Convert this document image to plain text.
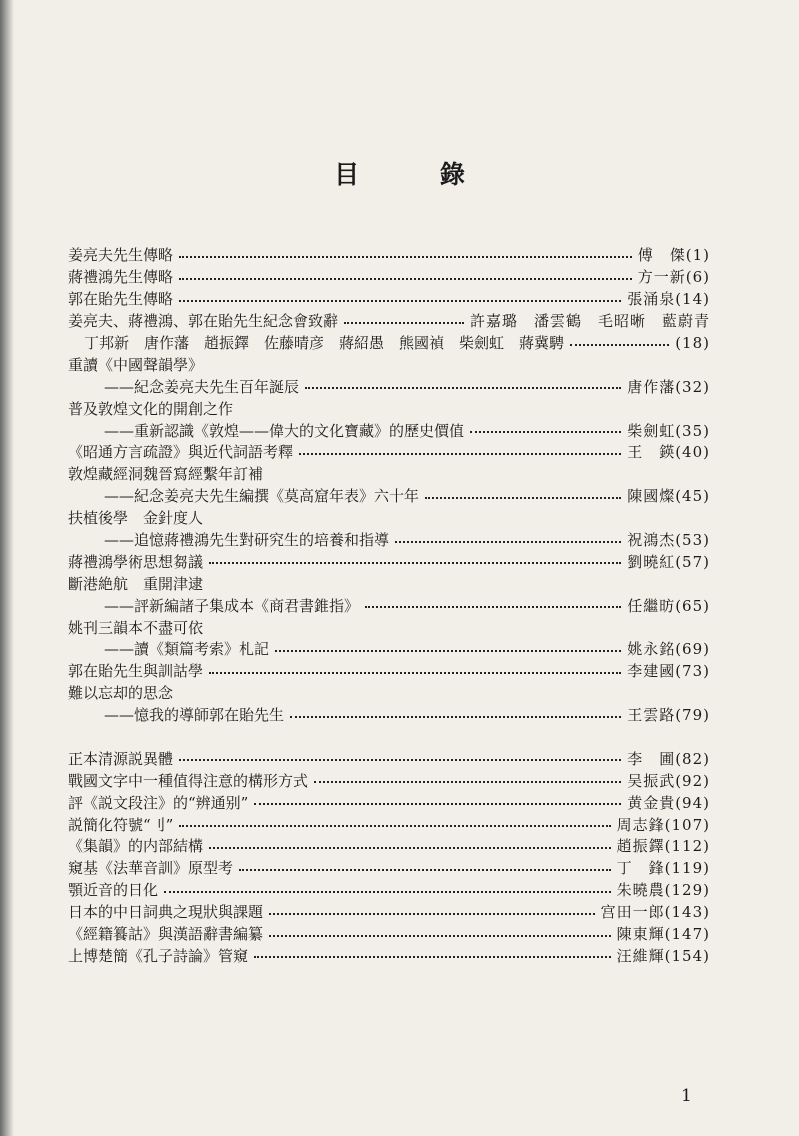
目 錄
姜亮夫先生傳略	傅　傑(1)
蔣禮鴻先生傳略	方一新(6)
郭在貽先生傳略	張涌泉(14)
姜亮夫、蔣禮鴻、郭在貽先生紀念會致辭	許嘉璐　潘雲鶴　毛昭晰　藍蔚青
丁邦新　唐作藩　趙振鐸　佐藤晴彦　蔣紹愚　熊國禎　柴劍虹　蔣冀騁	(18)
重讀《中國聲韻學》
——紀念姜亮夫先生百年誕辰	唐作藩(32)
普及敦煌文化的開創之作
——重新認識《敦煌——偉大的文化寶藏》的歷史價值	柴劍虹(35)
《昭通方言疏證》與近代詞語考釋	王　鍈(40)
敦煌藏經洞魏晉寫經繫年訂補
——紀念姜亮夫先生編撰《莫高窟年表》六十年	陳國燦(45)
扶植後學　金針度人
——追憶蔣禮鴻先生對研究生的培養和指導	祝鴻杰(53)
蔣禮鴻學術思想芻議	劉曉紅(57)
斷港絶航　重開津逮
——評新編諸子集成本《商君書錐指》	任繼昉(65)
姚刊三韻本不盡可依
——讀《類篇考索》札記	姚永銘(69)
郭在貽先生與訓詁學	李建國(73)
難以忘却的思念
——憶我的導師郭在貽先生	王雲路(79)
正本清源説異體	李　圃(82)
戰國文字中一種值得注意的構形方式	吴振武(92)
評《説文段注》的“辨通别”	黄金貴(94)
説簡化符號“刂”	周志鋒(107)
《集韻》的内部結構	趙振鐸(112)
窺基《法華音訓》原型考	丁　鋒(119)
顎近音的日化	朱曉農(129)
日本的中日詞典之現狀與課題	宫田一郎(143)
《經籍籑詁》與漢語辭書編纂	陳東輝(147)
上博楚簡《孔子詩論》管窺	汪維輝(154)
1
